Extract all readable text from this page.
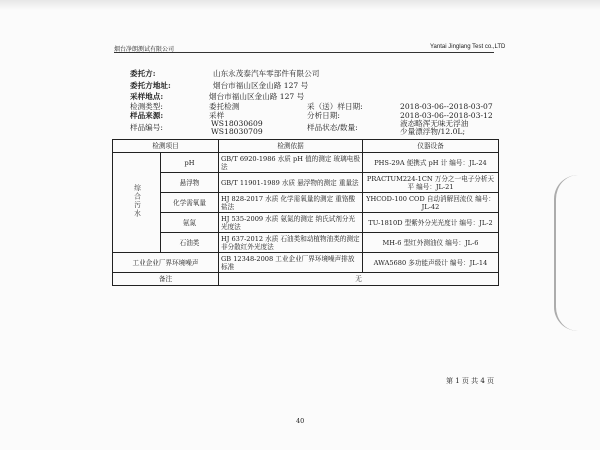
烟台净朗测试有限公司	Yantai Jinglang Test co.,LTD
委托方:	山东永茂泰汽车零部件有限公司
委托方地址:	烟台市福山区金山路 127 号
采样地点:	烟台市福山区金山路 127 号
检测类型:	委托检测	采（送）样日期:	2018-03-06--2018-03-07
样品来源:	采样	分析日期:	2018-03-06--2018-03-12
样品编号:	WS18030609
WS18030709	样品状态/数量:	液态略浑无味无浮油
少量漂浮物/12.0L;
检测项目		检测依据	仪器设备
综合污水	pH	GB/T 6920-1986 水质 pH 值的测定 玻璃电极法	PHS-29A 便携式 pH 计 编号：JL-24
	悬浮物	GB/T 11901-1989 水质 悬浮物的测定 重量法	PRACTUM224-1CN 万分之一电子分析天平 编号：JL-21
	化学需氧量	HJ 828-2017 水质 化学需氧量的测定 重铬酸盐法	YHCOD-100 COD 自动消解回流仪 编号：JL-42
	氨氮	HJ 535-2009 水质 氨氮的测定 纳氏试剂分光光度法	TU-1810D 型紫外分光光度计 编号：JL-2
	石油类	HJ 637-2012 水质 石油类和动植物油类的测定 非分散红外光度法	MH-6 型红外测油仪 编号：JL-6
工业企业厂界环境噪声		GB 12348-2008 工业企业厂界环境噪声排放标准	AWA5680 多功能声级计 编号：JL-14
备注		无	
第 1 页 共 4 页
40
